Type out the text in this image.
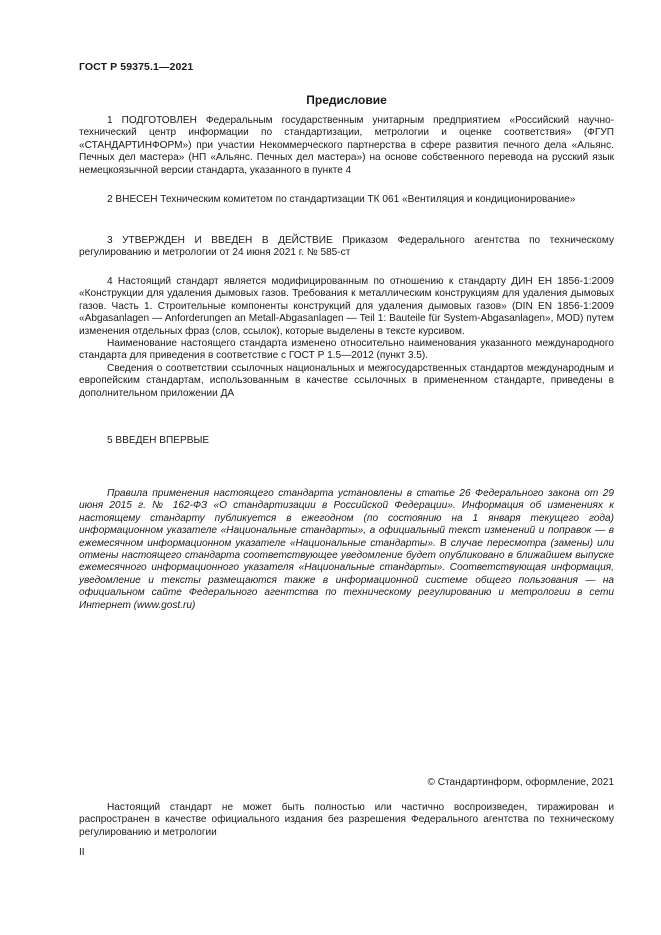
ГОСТ Р 59375.1—2021
Предисловие

1 ПОДГОТОВЛЕН Федеральным государственным унитарным предприятием «Российский научно-технический центр информации по стандартизации, метрологии и оценке соответствия» (ФГУП «СТАНДАРТИНФОРМ») при участии Некоммерческого партнерства в сфере развития печного дела «Альянс. Печных дел мастера» (НП «Альянс. Печных дел мастера») на основе собственного перевода на русский язык немецкоязычной версии стандарта, указанного в пункте 4

2 ВНЕСЕН Техническим комитетом по стандартизации ТК 061 «Вентиляция и кондиционирование»

3 УТВЕРЖДЕН И ВВЕДЕН В ДЕЙСТВИЕ Приказом Федерального агентства по техническому регулированию и метрологии от 24 июня 2021 г. № 585-ст

4 Настоящий стандарт является модифицированным по отношению к стандарту ДИН ЕН 1856-1:2009 «Конструкции для удаления дымовых газов. Требования к металлическим конструкциям для удаления дымовых газов. Часть 1. Строительные компоненты конструкций для удаления дымовых газов» (DIN EN 1856-1:2009 «Abgasanlagen — Anforderungen an Metall-Abgasanlagen — Teil 1: Bauteile für System-Abgasanlagen», MOD) путем изменения отдельных фраз (слов, ссылок), которые выделены в тексте курсивом.

Наименование настоящего стандарта изменено относительно наименования указанного международного стандарта для приведения в соответствие с ГОСТ Р 1.5—2012 (пункт 3.5).

Сведения о соответствии ссылочных национальных и межгосударственных стандартов международным и европейским стандартам, использованным в качестве ссылочных в примененном стандарте, приведены в дополнительном приложении ДА

5 ВВЕДЕН ВПЕРВЫЕ

Правила применения настоящего стандарта установлены в статье 26 Федерального закона от 29 июня 2015 г. № 162-ФЗ «О стандартизации в Российской Федерации». Информация об изменениях к настоящему стандарту публикуется в ежегодном (по состоянию на 1 января текущего года) информационном указателе «Национальные стандарты», а официальный текст изменений и поправок — в ежемесячном информационном указателе «Национальные стандарты». В случае пересмотра (замены) или отмены настоящего стандарта соответствующее уведомление будет опубликовано в ближайшем выпуске ежемесячного информационного указателя «Национальные стандарты». Соответствующая информация, уведомление и тексты размещаются также в информационной системе общего пользования — на официальном сайте Федерального агентства по техническому регулированию и метрологии в сети Интернет (www.gost.ru)

© Стандартинформ, оформление, 2021

Настоящий стандарт не может быть полностью или частично воспроизведен, тиражирован и распространен в качестве официального издания без разрешения Федерального агентства по техническому регулированию и метрологии

II
